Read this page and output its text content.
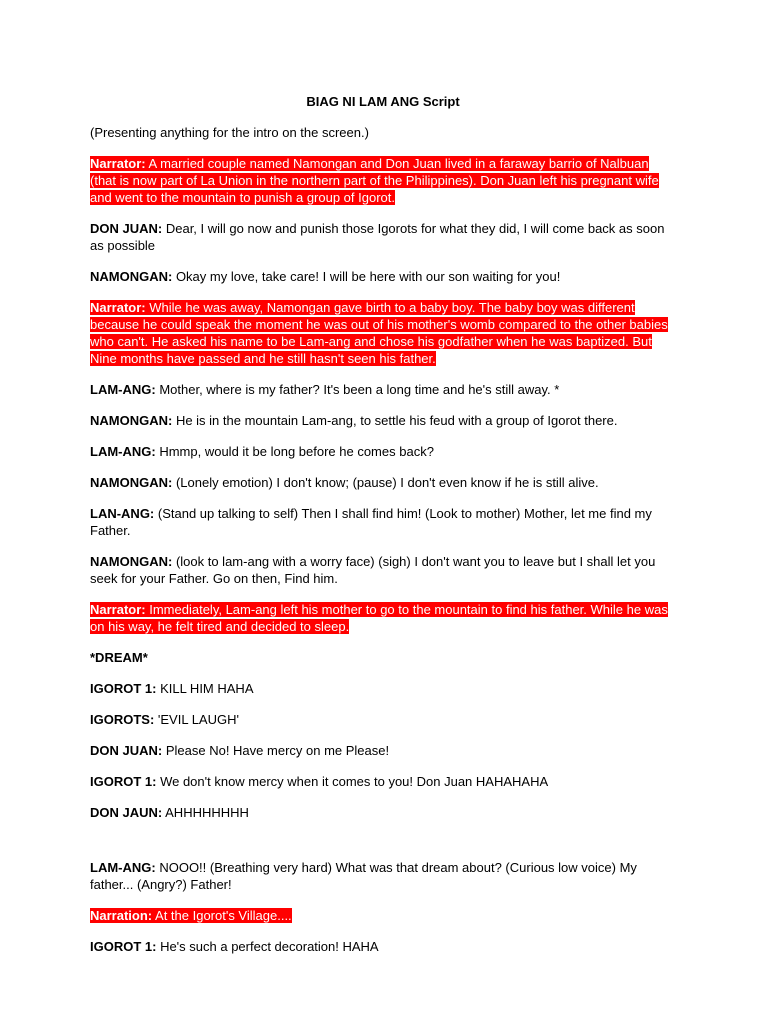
BIAG NI LAM ANG Script

(Presenting anything for the intro on the screen.)

Narrator: A married couple named Namongan and Don Juan lived in a faraway barrio of Nalbuan (that is now part of La Union in the northern part of the Philippines). Don Juan left his pregnant wife and went to the mountain to punish a group of Igorot.

DON JUAN: Dear, I will go now and punish those Igorots for what they did, I will come back as soon as possible

NAMONGAN: Okay my love, take care! I will be here with our son waiting for you!

Narrator: While he was away, Namongan gave birth to a baby boy. The baby boy was different because he could speak the moment he was out of his mother's womb compared to the other babies who can't. He asked his name to be Lam-ang and chose his godfather when he was baptized. But Nine months have passed and he still hasn't seen his father.

LAM-ANG: Mother, where is my father? It's been a long time and he's still away. *

NAMONGAN: He is in the mountain Lam-ang, to settle his feud with a group of Igorot there.

LAM-ANG: Hmmp, would it be long before he comes back?

NAMONGAN: (Lonely emotion) I don't know; (pause) I don't even know if he is still alive.

LAN-ANG: (Stand up talking to self) Then I shall find him! (Look to mother) Mother, let me find my Father.

NAMONGAN: (look to lam-ang with a worry face) (sigh) I don't want you to leave but I shall let you seek for your Father. Go on then, Find him.

Narrator: Immediately, Lam-ang left his mother to go to the mountain to find his father. While he was on his way, he felt tired and decided to sleep.

*DREAM*

IGOROT 1: KILL HIM HAHA

IGOROTS: 'EVIL LAUGH'

DON JUAN: Please No! Have mercy on me Please!

IGOROT 1: We don't know mercy when it comes to you! Don Juan HAHAHAHA

DON JAUN: AHHHHHHHH

LAM-ANG: NOOO!! (Breathing very hard) What was that dream about? (Curious low voice) My father... (Angry?) Father!

Narration: At the Igorot's Village....

IGOROT 1: He's such a perfect decoration! HAHA
